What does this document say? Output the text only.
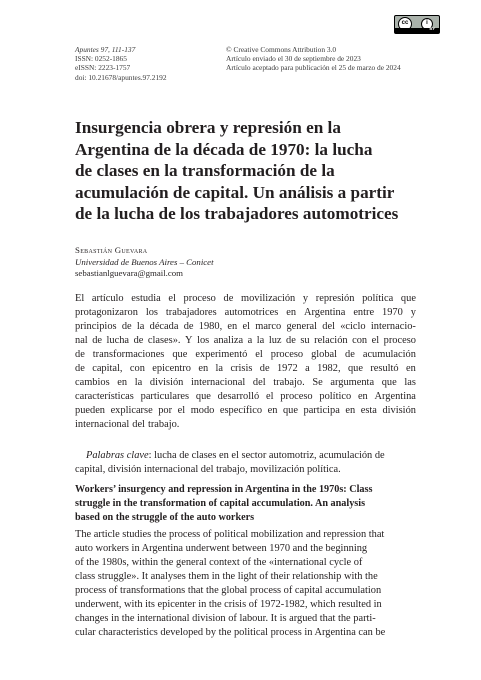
cc	i
BY
Apuntes 97, 111-137
ISSN: 0252-1865
eISSN: 2223-1757
doi: 10.21678/apuntes.97.2192
© Creative Commons Attribution 3.0
Artículo enviado el 30 de septiembre de 2023
Artículo aceptado para publicación el 25 de marzo de 2024
Insurgencia obrera y represión en la
Argentina de la década de 1970: la lucha
de clases en la transformación de la
acumulación de capital. Un análisis a partir
de la lucha de los trabajadores automotrices
Sebastián Guevara
Universidad de Buenos Aires – Conicet
sebastianlguevara@gmail.com
El artículo estudia el proceso de movilización y represión política que
protagonizaron los trabajadores automotrices en Argentina entre 1970 y
principios de la década de 1980, en el marco general del «ciclo internacio-
nal de lucha de clases». Y los analiza a la luz de su relación con el proceso
de transformaciones que experimentó el proceso global de acumulación
de capital, con epicentro en la crisis de 1972 a 1982, que resultó en
cambios en la división internacional del trabajo. Se argumenta que las
características particulares que desarrolló el proceso político en Argentina
pueden explicarse por el modo específico en que participa en esta división
internacional del trabajo.
Palabras clave: lucha de clases en el sector automotriz, acumulación de
capital, división internacional del trabajo, movilización política.
Workers’ insurgency and repression in Argentina in the 1970s: Class
struggle in the transformation of capital accumulation. An analysis
based on the struggle of the auto workers
The article studies the process of political mobilization and repression that
auto workers in Argentina underwent between 1970 and the beginning
of the 1980s, within the general context of the «international cycle of
class struggle». It analyses them in the light of their relationship with the
process of transformations that the global process of capital accumulation
underwent, with its epicenter in the crisis of 1972-1982, which resulted in
changes in the international division of labour. It is argued that the parti-
cular characteristics developed by the political process in Argentina can be
